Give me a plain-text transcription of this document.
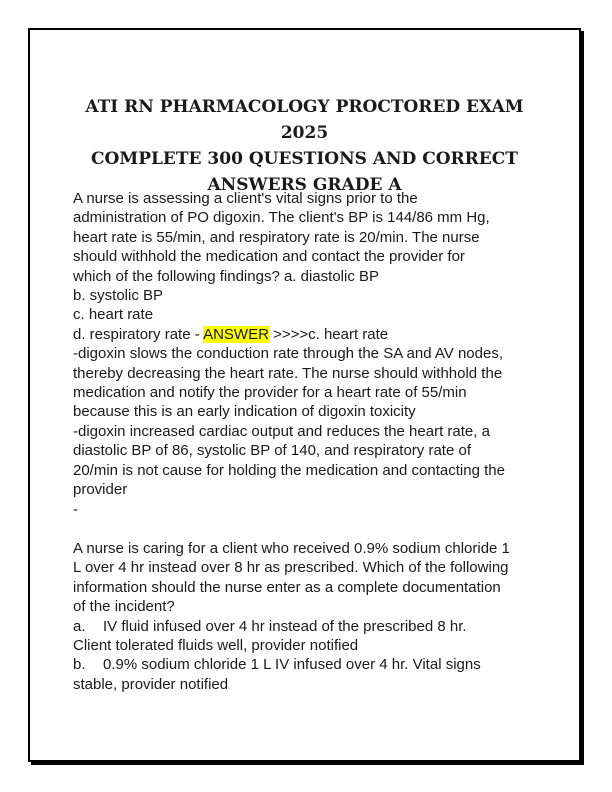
ATI RN PHARMACOLOGY PROCTORED EXAM 2025
COMPLETE 300 QUESTIONS AND CORRECT
ANSWERS GRADE A
A nurse is assessing a client's vital signs prior to the
administration of PO digoxin. The client's BP is 144/86 mm Hg,
heart rate is 55/min, and respiratory rate is 20/min. The nurse
should withhold the medication and contact the provider for
which of the following findings? a. diastolic BP
b. systolic BP
c. heart rate
d. respiratory rate - ANSWER >>>>c. heart rate
-digoxin slows the conduction rate through the SA and AV nodes,
thereby decreasing the heart rate. The nurse should withhold the
medication and notify the provider for a heart rate of 55/min
because this is an early indication of digoxin toxicity
-digoxin increased cardiac output and reduces the heart rate, a
diastolic BP of 86, systolic BP of 140, and respiratory rate of
20/min is not cause for holding the medication and contacting the
provider
-
A nurse is caring for a client who received 0.9% sodium chloride 1
L over 4 hr instead over 8 hr as prescribed. Which of the following
information should the nurse enter as a complete documentation
of the incident?
a. IV fluid infused over 4 hr instead of the prescribed 8 hr.
Client tolerated fluids well, provider notified
b. 0.9% sodium chloride 1 L IV infused over 4 hr. Vital signs
stable, provider notified
